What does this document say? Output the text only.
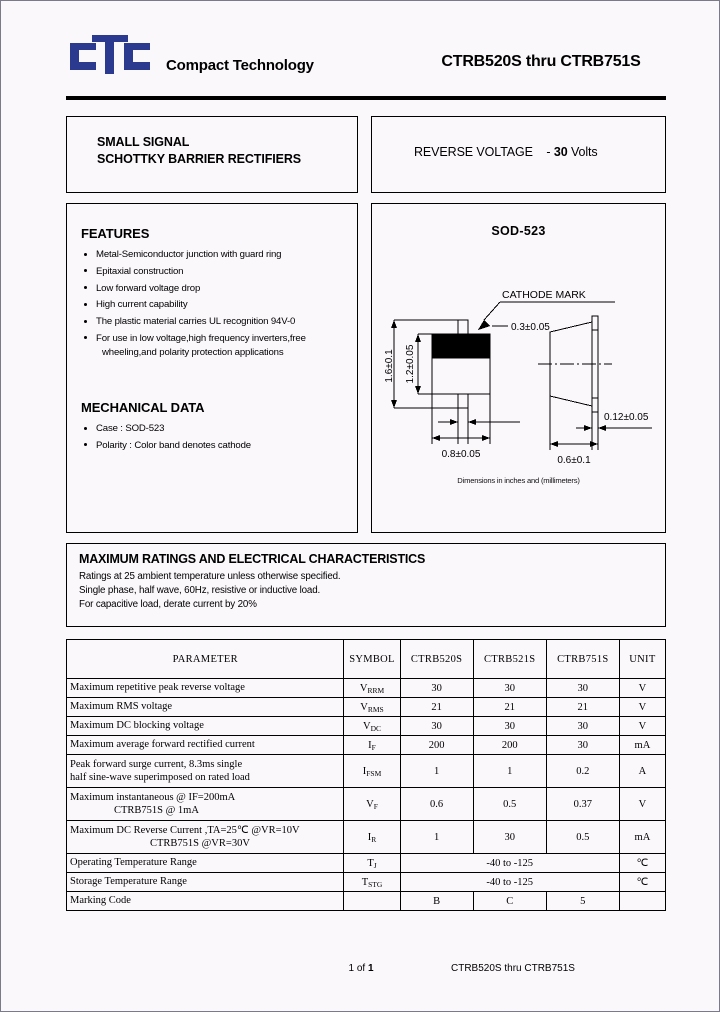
Compact Technology	CTRB520S thru CTRB751S
SMALL SIGNAL
SCHOTTKY BARRIER RECTIFIERS	REVERSE VOLTAGE - 30 Volts
FEATURES
Metal-Semiconductor junction with guard ring
Epitaxial construction
Low forward voltage drop
High current capability
The plastic material carries UL recognition 94V-0
For use in low voltage,high frequency inverters,free
wheeling,and polarity protection applications
MECHANICAL DATA
Case : SOD-523
Polarity : Color band denotes cathode
SOD-523
CATHODE MARK
0.3±0.05
1.6±0.1 1.2±0.05
0.8±0.05
0.12±0.05
0.6±0.1
Dimensions in inches and (millimeters)
MAXIMUM RATINGS AND ELECTRICAL CHARACTERISTICS
Ratings at 25 ambient temperature unless otherwise specified.
Single phase, half wave, 60Hz, resistive or inductive load.
For capacitive load, derate current by 20%
PARAMETER	SYMBOL	CTRB520S	CTRB521S	CTRB751S	UNIT
Maximum repetitive peak reverse voltage	$V_{RRM}$	30	30	30	V
Maximum RMS voltage	$V_{RMS}$	21	21	21	V
Maximum DC blocking voltage	$V_{DC}$	30	30	30	V
Maximum average forward rectified current	$I_F$	200	200	30	mA
Peak forward surge current, 8.3ms single
half sine-wave superimposed on rated load	$I_{FSM}$	1	1	0.2	A
Maximum instantaneous @ IF=200mA
CTRB751S @ 1mA	$V_F$	0.6	0.5	0.37	V
Maximum DC Reverse Current ,TA=25℃ @VR=10V
CTRB751S @VR=30V	$I_R$	1	30	0.5	mA
Operating Temperature Range	$T_J$	-40 to -125			℃
Storage Temperature Range	$T_{STG}$	-40 to -125			℃
Marking Code		B	C	5	
1 of 1	CTRB520S thru CTRB751S
